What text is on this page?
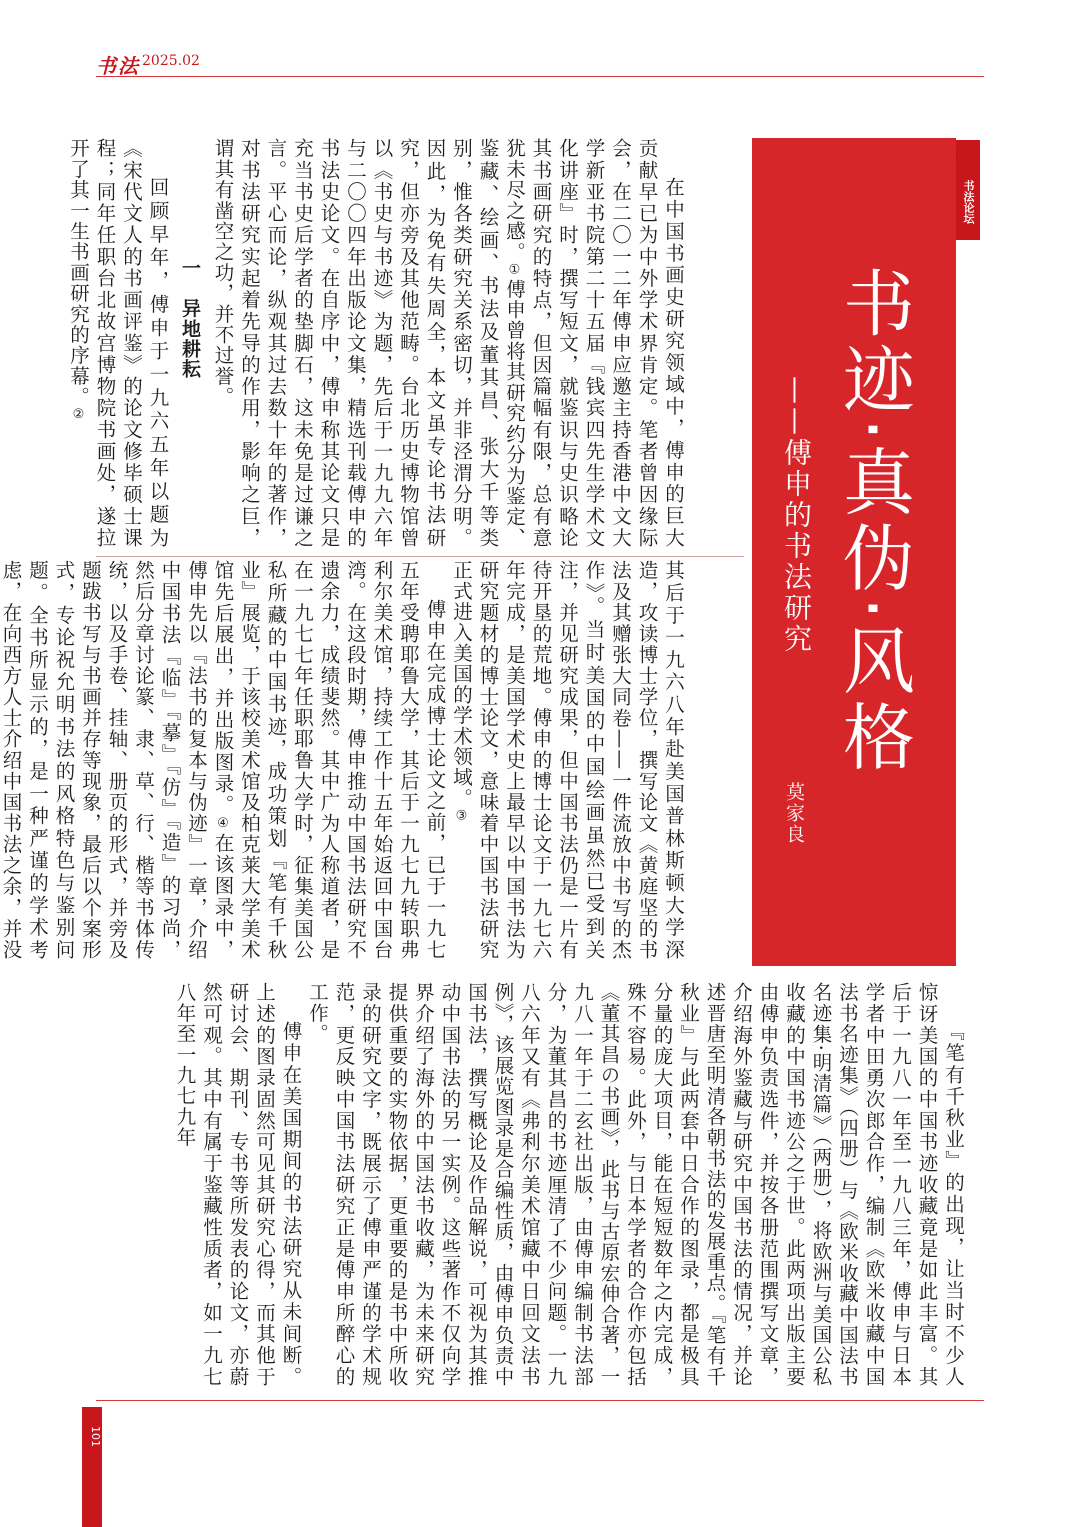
书法 2025.02
书法论坛
书迹·真伪·风格
——傅申的书法研究
莫家良

在中国书画史研究领域中，傅申的巨大贡献早已为中外学术界肯定。笔者曾因缘际会，在二〇一二年傅申应邀主持香港中文大学新亚书院第二十五届『钱宾四先生学术文化讲座』时，撰写短文，就鉴识与史识略论其书画研究的特点，但因篇幅有限，总有意犹未尽之感。①傅申曾将其研究约分为鉴定、鉴藏、绘画、书法及董其昌、张大千等类别，惟各类研究关系密切，并非泾渭分明。因此，为免有失周全，本文虽专论书法研究，但亦旁及其他范畴。台北历史博物馆曾以《书史与书迹》为题，先后于一九九六年与二〇〇四年出版论文集，精选刊载傅申的书法史论文。在自序中，傅申称其论文只是充当书史后学者的垫脚石，这未免是过谦之言。平心而论，纵观其过去数十年的著作，对书法研究实起着先导的作用，影响之巨，谓其有凿空之功，并不过誉。

一　异地耕耘

回顾早年，傅申于一九六五年以题为《宋代文人的书画评鉴》的论文修毕硕士课程；同年任职台北故宫博物院书画处，遂拉开了其一生书画研究的序幕。②

其后于一九六八年赴美国普林斯顿大学深造，攻读博士学位，撰写论文《黄庭坚的书法及其赠张大同卷——一件流放中书写的杰作》。当时美国的中国绘画虽然已受到关注，并见研究成果，但中国书法仍是一片有待开垦的荒地。傅申的博士论文于一九七六年完成，是美国学术史上最早以中国书法为研究题材的博士论文，意味着中国书法研究正式进入美国的学术领域。③

傅申在完成博士论文之前，已于一九七五年受聘耶鲁大学，其后于一九七九转职弗利尔美术馆，持续工作十五年始返回中国台湾。在这段时期，傅申推动中国书法研究不遗余力，成绩斐然。其中广为人称道者，是在一九七七年任职耶鲁大学时，征集美国公私所藏的中国书迹，成功策划『笔有千秋业』展览，于该校美术馆及柏克莱大学美术馆先后展出，并出版图录。④在该图录中，傅申先以『法书的复本与伪迹』一章，介绍中国书法『临』『摹』『仿』『造』的习尚，然后分章讨论篆、隶、草、行、楷等书体传统，以及手卷、挂轴、册页的形式，并旁及题跋书写与书画并存等现象，最后以个案形式，专论祝允明书法的风格特色与鉴别问题。全书所显示的，是一种严谨的学术考虑，在向西方人士介绍中国书法之余，并没

『笔有千秋业』的出现，让当时不少人惊讶美国的中国书迹收藏竟是如此丰富。其后于一九八一年至一九八三年，傅申与日本学者中田勇次郎合作，编制《欧米收藏中国法书名迹集》（四册）与《欧米收藏中国法书名迹集·明清篇》（两册），将欧洲与美国公私收藏的中国书迹公之于世。此两项出版主要由傅申负责选件，并按各册范围撰写文章，介绍海外鉴藏与研究中国书法的情况，并论述晋唐至明清各朝书法的发展重点。『笔有千秋业』与此两套中日合作的图录，都是极具分量的庞大项目，能在短短数年之内完成，殊不容易。此外，与日本学者的合作亦包括《董其昌の书画》，此书与古原宏伸合著，一九八一年于二玄社出版，由傅申编制书法部分，为董其昌的书迹厘清了不少问题。一九八六年又有《弗利尔美术馆藏中日回文法书例》，该展览图录是合编性质，由傅申负责中国书法，撰写概论及作品解说，可视为其推动中国书法的另一实例。这些著作不仅向学界介绍了海外的中国法书收藏，为未来研究提供重要的实物依据，更重要的是书中所收录的研究文字，既展示了傅申严谨的学术规范，更反映中国书法研究正是傅申所醉心的工作。

傅申在美国期间的书法研究从未间断。上述的图录固然可见其研究心得，而其他于研讨会、期刊、专书等所发表的论文，亦蔚然可观。其中有属于鉴藏性质者，如一九七八年至一九七九年

101
